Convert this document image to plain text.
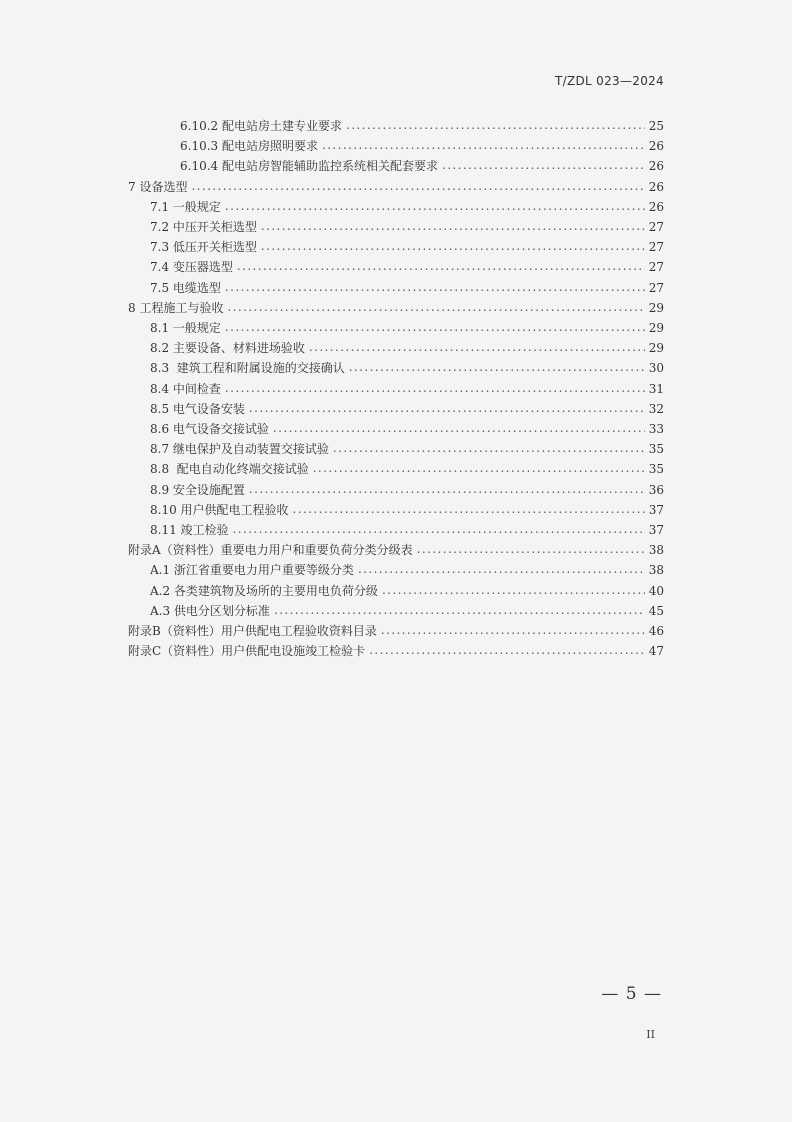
T/ZDL 023—2024
6.10.2 配电站房土建专业要求 .....	25
6.10.3 配电站房照明要求 .....	26
6.10.4 配电站房智能辅助监控系统相关配套要求 .....	26
7 设备选型 .....	26
7.1 一般规定 .....	26
7.2 中压开关柜选型 .....	27
7.3 低压开关柜选型 .....	27
7.4 变压器选型 .....	27
7.5 电缆选型 .....	27
8 工程施工与验收 .....	29
8.1 一般规定 .....	29
8.2 主要设备、材料进场验收 .....	29
8.3  建筑工程和附属设施的交接确认 .....	30
8.4 中间检查 .....	31
8.5 电气设备安装 .....	32
8.6 电气设备交接试验 .....	33
8.7 继电保护及自动装置交接试验 .....	35
8.8  配电自动化终端交接试验 .....	35
8.9 安全设施配置 .....	36
8.10 用户供配电工程验收 .....	37
8.11 竣工检验 .....	37
附录A（资料性）重要电力用户和重要负荷分类分级表 .....	38
A.1 浙江省重要电力用户重要等级分类 .....	38
A.2 各类建筑物及场所的主要用电负荷分级 .....	40
A.3 供电分区划分标准 .....	45
附录B（资料性）用户供配电工程验收资料目录 .....	46
附录C（资料性）用户供配电设施竣工检验卡 .....	47
— 5 —
II
